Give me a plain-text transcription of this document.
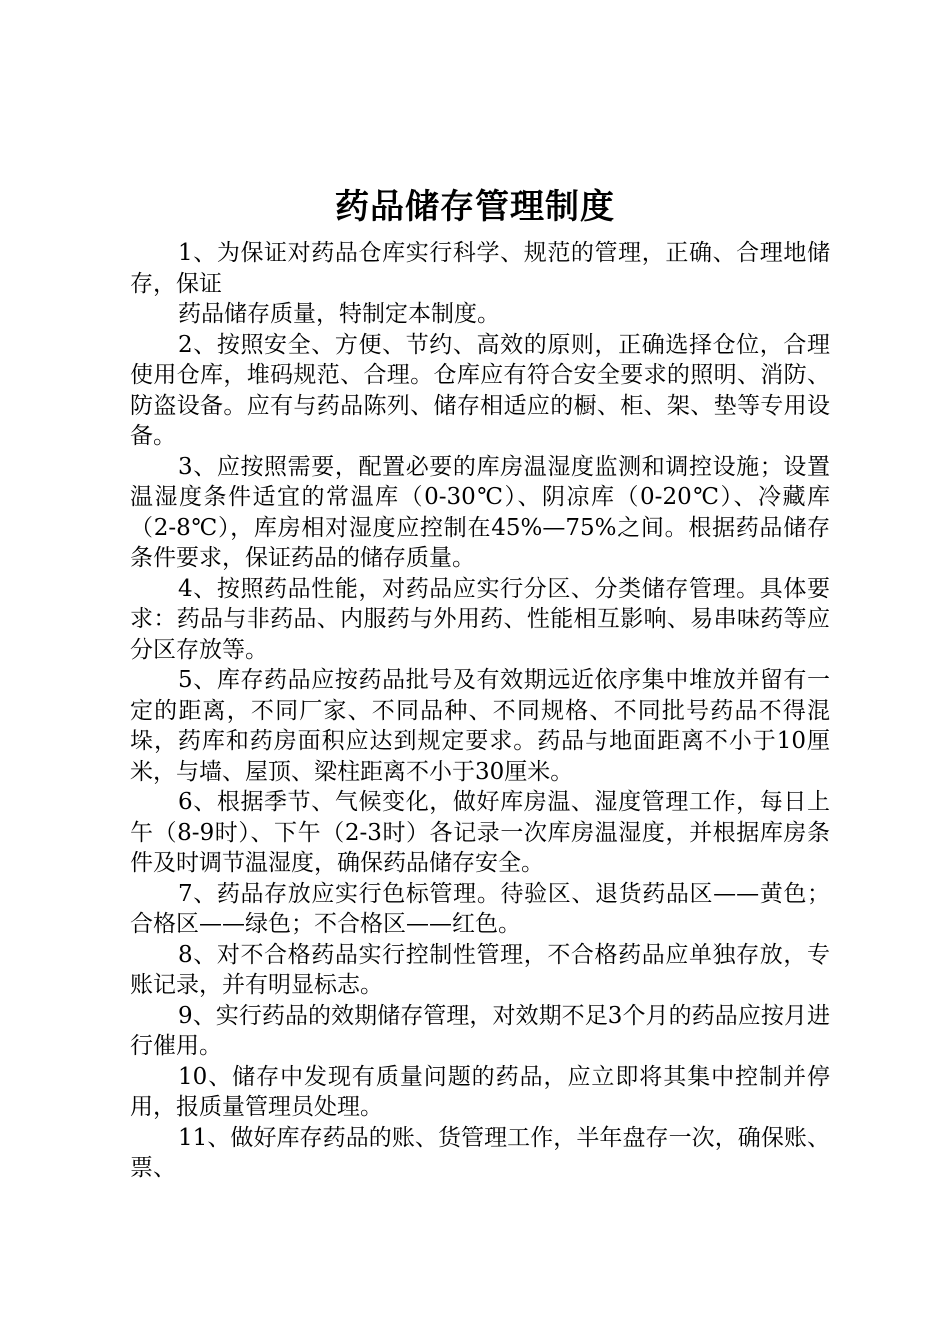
药品储存管理制度

1、为保证对药品仓库实行科学、规范的管理，正确、合理地储存，保证

药品储存质量，特制定本制度。

2、按照安全、方便、节约、高效的原则，正确选择仓位，合理使用仓库，堆码规范、合理。仓库应有符合安全要求的照明、消防、防盗设备。应有与药品陈列、储存相适应的橱、柜、架、垫等专用设备。

3、应按照需要，配置必要的库房温湿度监测和调控设施；设置温湿度条件适宜的常温库（0-30℃）、阴凉库（0-20℃）、冷藏库（2-8℃），库房相对湿度应控制在45%—75%之间。根据药品储存条件要求，保证药品的储存质量。

4、按照药品性能，对药品应实行分区、分类储存管理。具体要求：药品与非药品、内服药与外用药、性能相互影响、易串味药等应分区存放等。

5、库存药品应按药品批号及有效期远近依序集中堆放并留有一定的距离，不同厂家、不同品种、不同规格、不同批号药品不得混垛，药库和药房面积应达到规定要求。药品与地面距离不小于10厘米，与墙、屋顶、梁柱距离不小于30厘米。

6、根据季节、气候变化，做好库房温、湿度管理工作，每日上午（8-9时）、下午（2-3时）各记录一次库房温湿度，并根据库房条件及时调节温湿度，确保药品储存安全。

7、药品存放应实行色标管理。待验区、退货药品区——黄色；合格区——绿色；不合格区——红色。

8、对不合格药品实行控制性管理，不合格药品应单独存放，专账记录，并有明显标志。

9、实行药品的效期储存管理，对效期不足3个月的药品应按月进行催用。

10、储存中发现有质量问题的药品，应立即将其集中控制并停用，报质量管理员处理。

11、做好库存药品的账、货管理工作，半年盘存一次，确保账、票、
